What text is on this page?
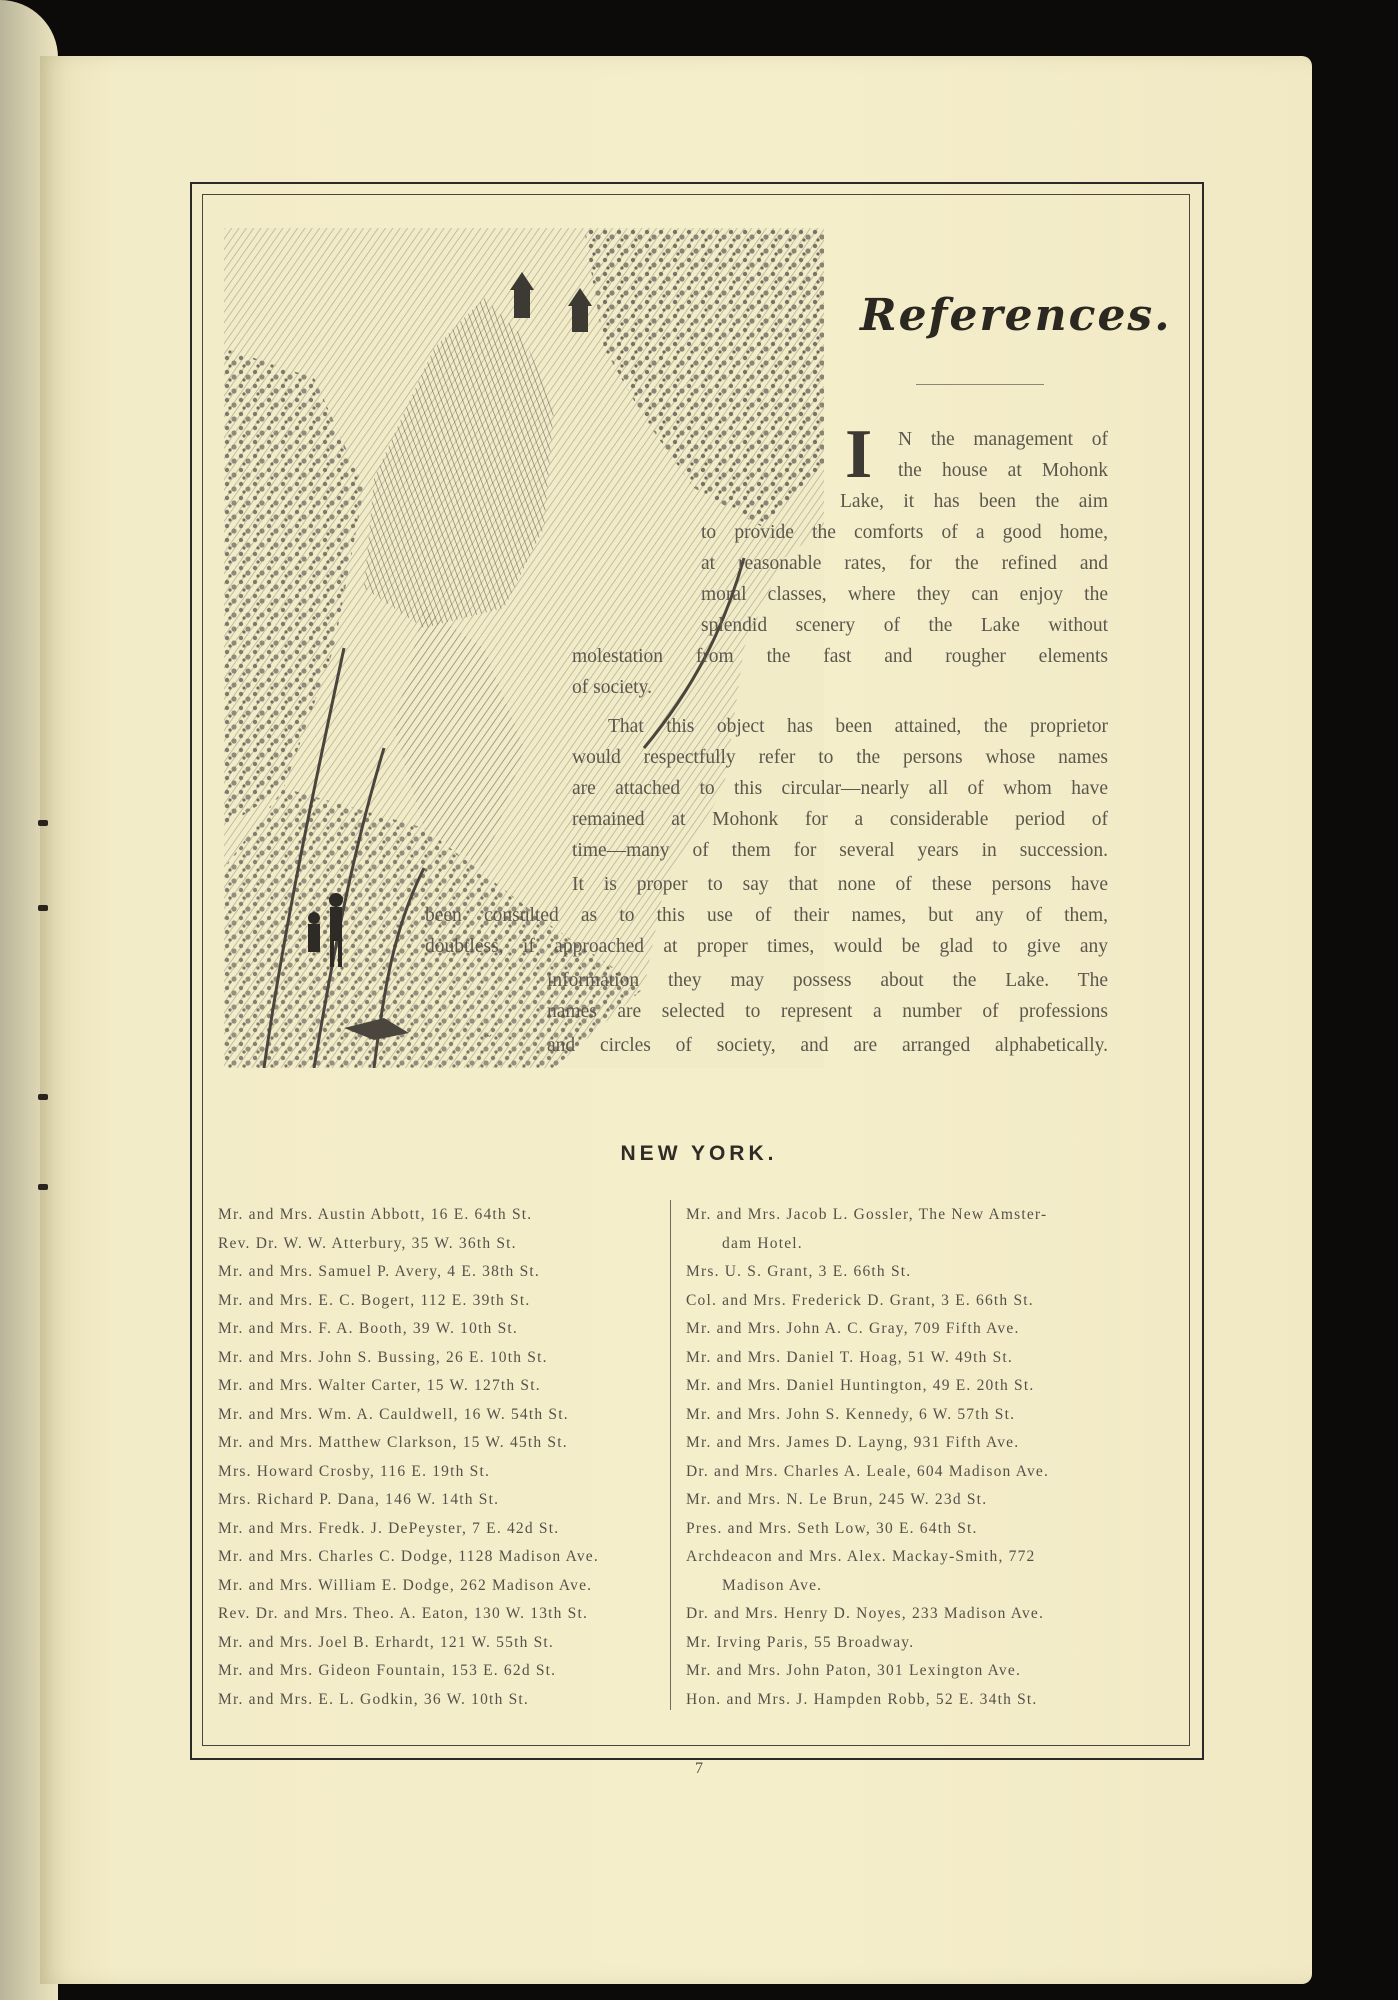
~
References.
I N the management of
the house at Mohonk
Lake, it has been the aim
to provide the comforts of a good home,
at reasonable rates, for the refined and
moral classes, where they can enjoy the
splendid scenery of the Lake without
molestation from the fast and rougher elements
of society.
That this object has been attained, the proprietor
would respectfully refer to the persons whose names
are attached to this circular—nearly all of whom have
remained at Mohonk for a considerable period of
time—many of them for several years in succession.
It is proper to say that none of these persons have
been consulted as to this use of their names, but any of them,
doubtless, if approached at proper times, would be glad to give any
information they may possess about the Lake. The
names are selected to represent a number of professions
and circles of society, and are arranged alphabetically.
NEW YORK.
Mr. and Mrs. Austin Abbott, 16 E. 64th St.
Rev. Dr. W. W. Atterbury, 35 W. 36th St.
Mr. and Mrs. Samuel P. Avery, 4 E. 38th St.
Mr. and Mrs. E. C. Bogert, 112 E. 39th St.
Mr. and Mrs. F. A. Booth, 39 W. 10th St.
Mr. and Mrs. John S. Bussing, 26 E. 10th St.
Mr. and Mrs. Walter Carter, 15 W. 127th St.
Mr. and Mrs. Wm. A. Cauldwell, 16 W. 54th St.
Mr. and Mrs. Matthew Clarkson, 15 W. 45th St.
Mrs. Howard Crosby, 116 E. 19th St.
Mrs. Richard P. Dana, 146 W. 14th St.
Mr. and Mrs. Fredk. J. DePeyster, 7 E. 42d St.
Mr. and Mrs. Charles C. Dodge, 1128 Madison Ave.
Mr. and Mrs. William E. Dodge, 262 Madison Ave.
Rev. Dr. and Mrs. Theo. A. Eaton, 130 W. 13th St.
Mr. and Mrs. Joel B. Erhardt, 121 W. 55th St.
Mr. and Mrs. Gideon Fountain, 153 E. 62d St.
Mr. and Mrs. E. L. Godkin, 36 W. 10th St.
Mr. and Mrs. Jacob L. Gossler, The New Amster-
dam Hotel.
Mrs. U. S. Grant, 3 E. 66th St.
Col. and Mrs. Frederick D. Grant, 3 E. 66th St.
Mr. and Mrs. John A. C. Gray, 709 Fifth Ave.
Mr. and Mrs. Daniel T. Hoag, 51 W. 49th St.
Mr. and Mrs. Daniel Huntington, 49 E. 20th St.
Mr. and Mrs. John S. Kennedy, 6 W. 57th St.
Mr. and Mrs. James D. Layng, 931 Fifth Ave.
Dr. and Mrs. Charles A. Leale, 604 Madison Ave.
Mr. and Mrs. N. Le Brun, 245 W. 23d St.
Pres. and Mrs. Seth Low, 30 E. 64th St.
Archdeacon and Mrs. Alex. Mackay-Smith, 772
Madison Ave.
Dr. and Mrs. Henry D. Noyes, 233 Madison Ave.
Mr. Irving Paris, 55 Broadway.
Mr. and Mrs. John Paton, 301 Lexington Ave.
Hon. and Mrs. J. Hampden Robb, 52 E. 34th St.
7
